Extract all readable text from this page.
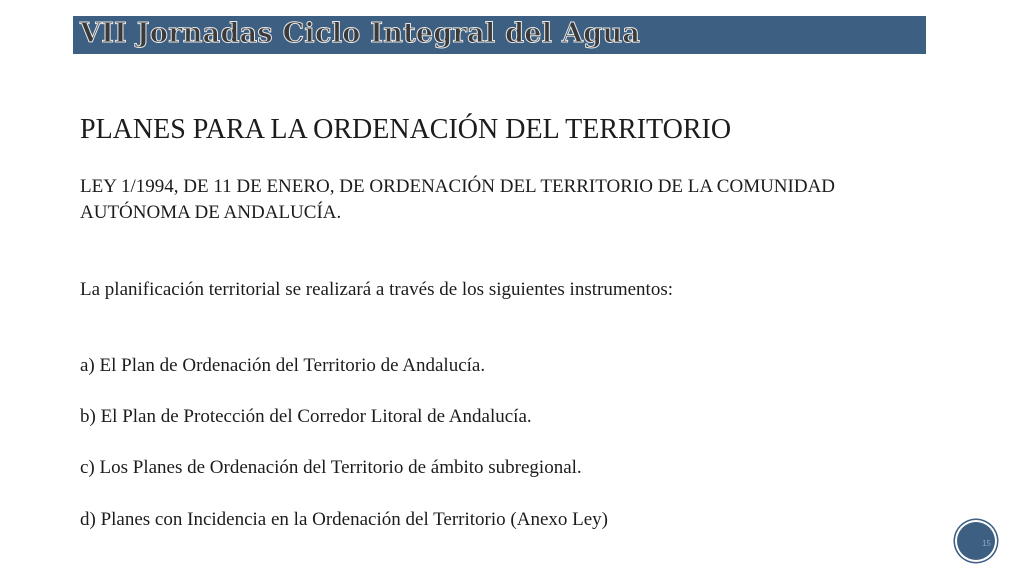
VII Jornadas Ciclo Integral del Agua
PLANES PARA LA ORDENACIÓN DEL TERRITORIO
LEY 1/1994, DE 11 DE ENERO, DE ORDENACIÓN DEL TERRITORIO DE LA COMUNIDAD AUTÓNOMA DE ANDALUCÍA.
La planificación territorial se realizará a través de los siguientes instrumentos:
a) El Plan de Ordenación del Territorio de Andalucía.
b) El Plan de Protección del Corredor Litoral de Andalucía.
c) Los Planes de Ordenación del Territorio de ámbito subregional.
d) Planes con Incidencia en la Ordenación del Territorio (Anexo Ley)
15
